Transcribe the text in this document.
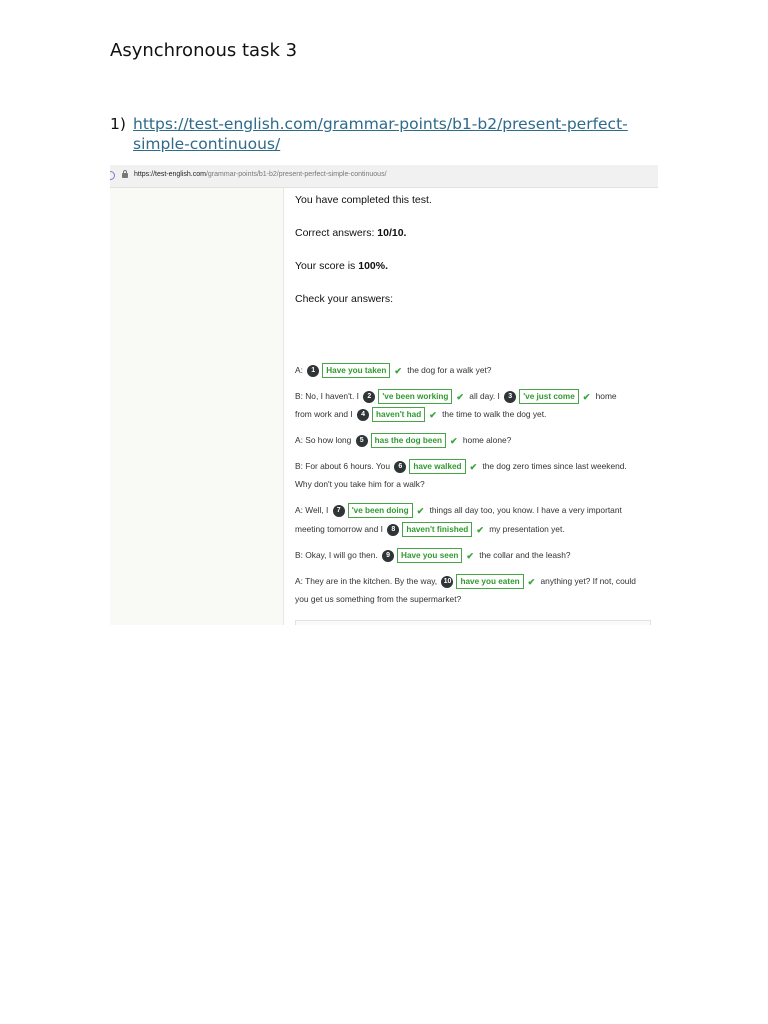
Asynchronous task 3
1) https://test-english.com/grammar-points/b1-b2/present-perfect-
simple-continuous/
https://test-english.com/grammar-points/b1-b2/present-perfect-simple-continuous/
You have completed this test.
Correct answers: 10/10.
Your score is 100%.
Check your answers:
A: 1 Have you taken ✔ the dog for a walk yet?
B: No, I haven't. I 2 've been working ✔ all day. I 3 've just come ✔ home
from work and I 4 haven't had ✔ the time to walk the dog yet.
A: So how long 5 has the dog been ✔ home alone?
B: For about 6 hours. You 6 have walked ✔ the dog zero times since last weekend.
Why don't you take him for a walk?
A: Well, I 7 've been doing ✔ things all day too, you know. I have a very important
meeting tomorrow and I 8 haven't finished ✔ my presentation yet.
B: Okay, I will go then. 9 Have you seen ✔ the collar and the leash?
A: They are in the kitchen. By the way, 10 have you eaten ✔ anything yet? If not, could
you get us something from the supermarket?
